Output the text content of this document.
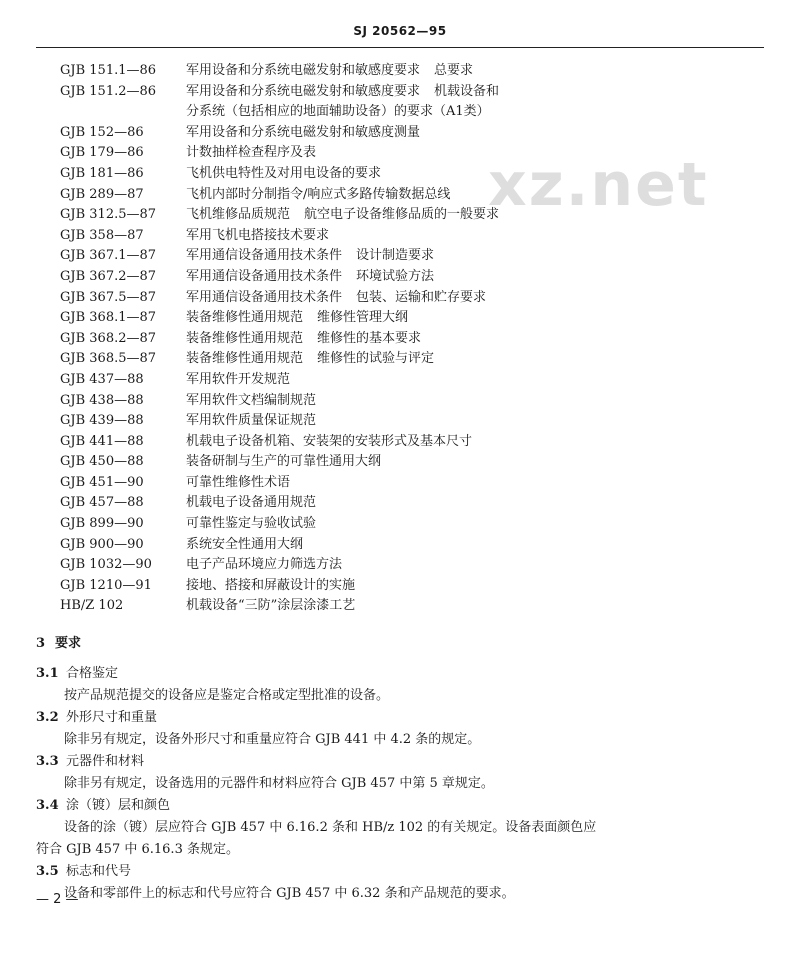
SJ 20562—95
xz.net
GJB 151.1—86	军用设备和分系统电磁发射和敏感度要求 总要求
GJB 151.2—86	军用设备和分系统电磁发射和敏感度要求 机载设备和
分系统（包括相应的地面辅助设备）的要求（A1类）
GJB 152—86	军用设备和分系统电磁发射和敏感度测量
GJB 179—86	计数抽样检查程序及表
GJB 181—86	飞机供电特性及对用电设备的要求
GJB 289—87	飞机内部时分制指令/响应式多路传输数据总线
GJB 312.5—87	飞机维修品质规范 航空电子设备维修品质的一般要求
GJB 358—87	军用飞机电搭接技术要求
GJB 367.1—87	军用通信设备通用技术条件 设计制造要求
GJB 367.2—87	军用通信设备通用技术条件 环境试验方法
GJB 367.5—87	军用通信设备通用技术条件 包装、运输和贮存要求
GJB 368.1—87	装备维修性通用规范 维修性管理大纲
GJB 368.2—87	装备维修性通用规范 维修性的基本要求
GJB 368.5—87	装备维修性通用规范 维修性的试验与评定
GJB 437—88	军用软件开发规范
GJB 438—88	军用软件文档编制规范
GJB 439—88	军用软件质量保证规范
GJB 441—88	机载电子设备机箱、安装架的安装形式及基本尺寸
GJB 450—88	装备研制与生产的可靠性通用大纲
GJB 451—90	可靠性维修性术语
GJB 457—88	机载电子设备通用规范
GJB 899—90	可靠性鉴定与验收试验
GJB 900—90	系统安全性通用大纲
GJB 1032—90	电子产品环境应力筛选方法
GJB 1210—91	接地、搭接和屏蔽设计的实施
HB/Z 102	机载设备“三防”涂层涂漆工艺
3 要求
3.1 合格鉴定
按产品规范提交的设备应是鉴定合格或定型批准的设备。
3.2 外形尺寸和重量
除非另有规定，设备外形尺寸和重量应符合 GJB 441 中 4.2 条的规定。
3.3 元器件和材料
除非另有规定，设备选用的元器件和材料应符合 GJB 457 中第 5 章规定。
3.4 涂（镀）层和颜色
设备的涂（镀）层应符合 GJB 457 中 6.16.2 条和 HB/z 102 的有关规定。设备表面颜色应
符合 GJB 457 中 6.16.3 条规定。
3.5 标志和代号
设备和零部件上的标志和代号应符合 GJB 457 中 6.32 条和产品规范的要求。
— 2 —
